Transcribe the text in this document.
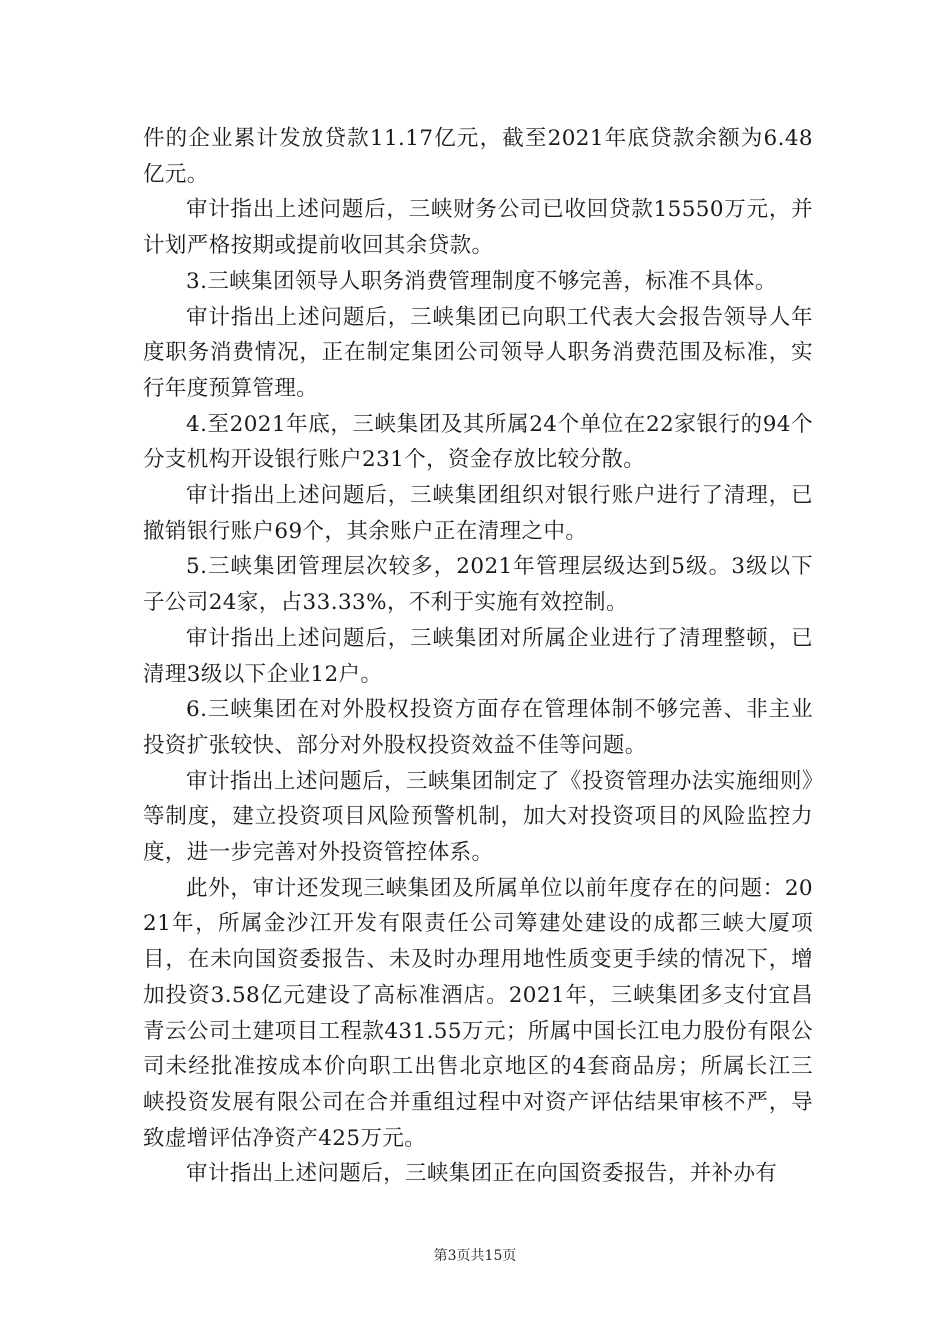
件的企业累计发放贷款11.17亿元，截至2021年底贷款余额为6.48亿元。

审计指出上述问题后，三峡财务公司已收回贷款15550万元，并计划严格按期或提前收回其余贷款。

3.三峡集团领导人职务消费管理制度不够完善，标准不具体。

审计指出上述问题后，三峡集团已向职工代表大会报告领导人年度职务消费情况，正在制定集团公司领导人职务消费范围及标准，实行年度预算管理。

4.至2021年底，三峡集团及其所属24个单位在22家银行的94个分支机构开设银行账户231个，资金存放比较分散。

审计指出上述问题后，三峡集团组织对银行账户进行了清理，已撤销银行账户69个，其余账户正在清理之中。

5.三峡集团管理层次较多，2021年管理层级达到5级。3级以下子公司24家，占33.33%，不利于实施有效控制。

审计指出上述问题后，三峡集团对所属企业进行了清理整顿，已清理3级以下企业12户。

6.三峡集团在对外股权投资方面存在管理体制不够完善、非主业投资扩张较快、部分对外股权投资效益不佳等问题。

审计指出上述问题后，三峡集团制定了《投资管理办法实施细则》等制度，建立投资项目风险预警机制，加大对投资项目的风险监控力度，进一步完善对外投资管控体系。

此外，审计还发现三峡集团及所属单位以前年度存在的问题：2021年，所属金沙江开发有限责任公司筹建处建设的成都三峡大厦项目，在未向国资委报告、未及时办理用地性质变更手续的情况下，增加投资3.58亿元建设了高标准酒店。2021年，三峡集团多支付宜昌青云公司土建项目工程款431.55万元；所属中国长江电力股份有限公司未经批准按成本价向职工出售北京地区的4套商品房；所属长江三峡投资发展有限公司在合并重组过程中对资产评估结果审核不严，导致虚增评估净资产425万元。

审计指出上述问题后，三峡集团正在向国资委报告，并补办有

第3页共15页
